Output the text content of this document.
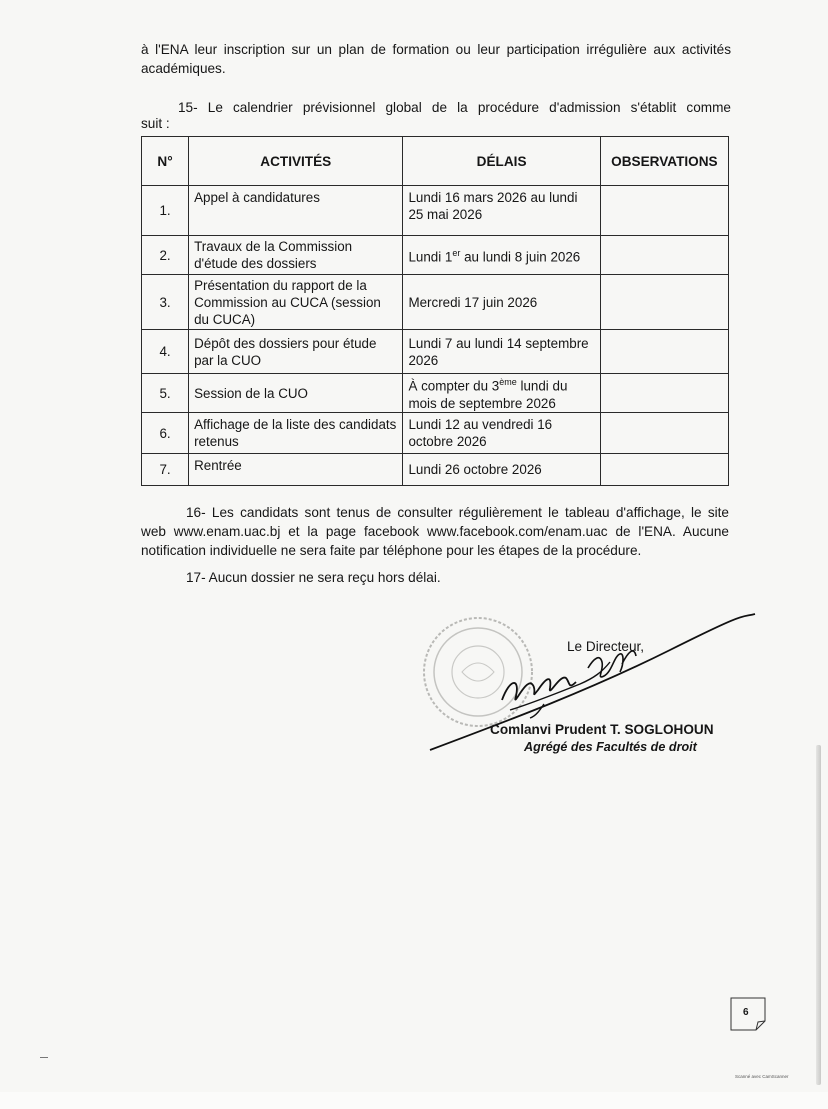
à l'ENA leur inscription sur un plan de formation ou leur participation irrégulière aux activités
académiques.
15- Le calendrier prévisionnel global de la procédure d'admission s'établit comme
suit :
N°	ACTIVITÉS	DÉLAIS	OBSERVATIONS
1.	Appel à candidatures	Lundi 16 mars 2026 au lundi 25 mai 2026	
2.	Travaux de la Commission d'étude des dossiers	Lundi 1er au lundi 8 juin 2026	
3.	Présentation du rapport de la Commission au CUCA (session du CUCA)	Mercredi 17 juin 2026	
4.	Dépôt des dossiers pour étude par la CUO	Lundi 7 au lundi 14 septembre 2026	
5.	Session de la CUO	À compter du 3ème lundi du mois de septembre 2026	
6.	Affichage de la liste des candidats retenus	Lundi 12 au vendredi 16 octobre 2026	
7.	Rentrée	Lundi 26 octobre 2026	
16- Les candidats sont tenus de consulter régulièrement le tableau d'affichage, le site
web www.enam.uac.bj et la page facebook www.facebook.com/enam.uac de l'ENA. Aucune
notification individuelle ne sera faite par téléphone pour les étapes de la procédure.
17- Aucun dossier ne sera reçu hors délai.
Le Directeur,
Comlanvi Prudent T. SOGLOHOUN
Agrégé des Facultés de droit
6
Scanné avec CamScanner
